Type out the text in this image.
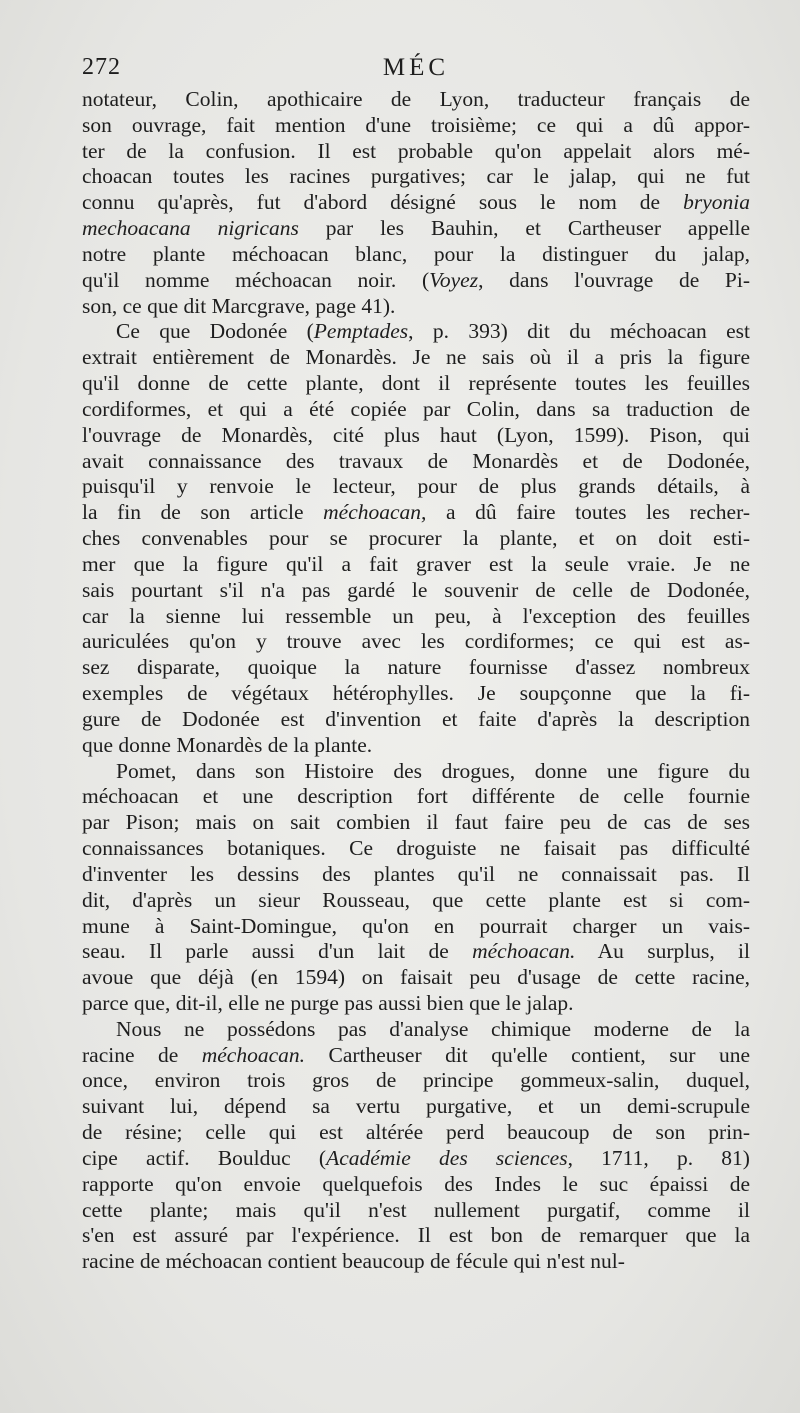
272	MÉC
notateur, Colin, apothicaire de Lyon, traducteur français de
son ouvrage, fait mention d'une troisième; ce qui a dû appor-
ter de la confusion. Il est probable qu'on appelait alors mé-
choacan toutes les racines purgatives; car le jalap, qui ne fut
connu qu'après, fut d'abord désigné sous le nom de bryonia
mechoacana nigricans par les Bauhin, et Cartheuser appelle
notre plante méchoacan blanc, pour la distinguer du jalap,
qu'il nomme méchoacan noir. (Voyez, dans l'ouvrage de Pi-
son, ce que dit Marcgrave, page 41).
Ce que Dodonée (Pemptades, p. 393) dit du méchoacan est
extrait entièrement de Monardès. Je ne sais où il a pris la figure
qu'il donne de cette plante, dont il représente toutes les feuilles
cordiformes, et qui a été copiée par Colin, dans sa traduction de
l'ouvrage de Monardès, cité plus haut (Lyon, 1599). Pison, qui
avait connaissance des travaux de Monardès et de Dodonée,
puisqu'il y renvoie le lecteur, pour de plus grands détails, à
la fin de son article méchoacan, a dû faire toutes les recher-
ches convenables pour se procurer la plante, et on doit esti-
mer que la figure qu'il a fait graver est la seule vraie. Je ne
sais pourtant s'il n'a pas gardé le souvenir de celle de Dodonée,
car la sienne lui ressemble un peu, à l'exception des feuilles
auriculées qu'on y trouve avec les cordiformes; ce qui est as-
sez disparate, quoique la nature fournisse d'assez nombreux
exemples de végétaux hétérophylles. Je soupçonne que la fi-
gure de Dodonée est d'invention et faite d'après la description
que donne Monardès de la plante.
Pomet, dans son Histoire des drogues, donne une figure du
méchoacan et une description fort différente de celle fournie
par Pison; mais on sait combien il faut faire peu de cas de ses
connaissances botaniques. Ce droguiste ne faisait pas difficulté
d'inventer les dessins des plantes qu'il ne connaissait pas. Il
dit, d'après un sieur Rousseau, que cette plante est si com-
mune à Saint-Domingue, qu'on en pourrait charger un vais-
seau. Il parle aussi d'un lait de méchoacan. Au surplus, il
avoue que déjà (en 1594) on faisait peu d'usage de cette racine,
parce que, dit-il, elle ne purge pas aussi bien que le jalap.
Nous ne possédons pas d'analyse chimique moderne de la
racine de méchoacan. Cartheuser dit qu'elle contient, sur une
once, environ trois gros de principe gommeux-salin, duquel,
suivant lui, dépend sa vertu purgative, et un demi-scrupule
de résine; celle qui est altérée perd beaucoup de son prin-
cipe actif. Boulduc (Académie des sciences, 1711, p. 81)
rapporte qu'on envoie quelquefois des Indes le suc épaissi de
cette plante; mais qu'il n'est nullement purgatif, comme il
s'en est assuré par l'expérience. Il est bon de remarquer que la
racine de méchoacan contient beaucoup de fécule qui n'est nul-
